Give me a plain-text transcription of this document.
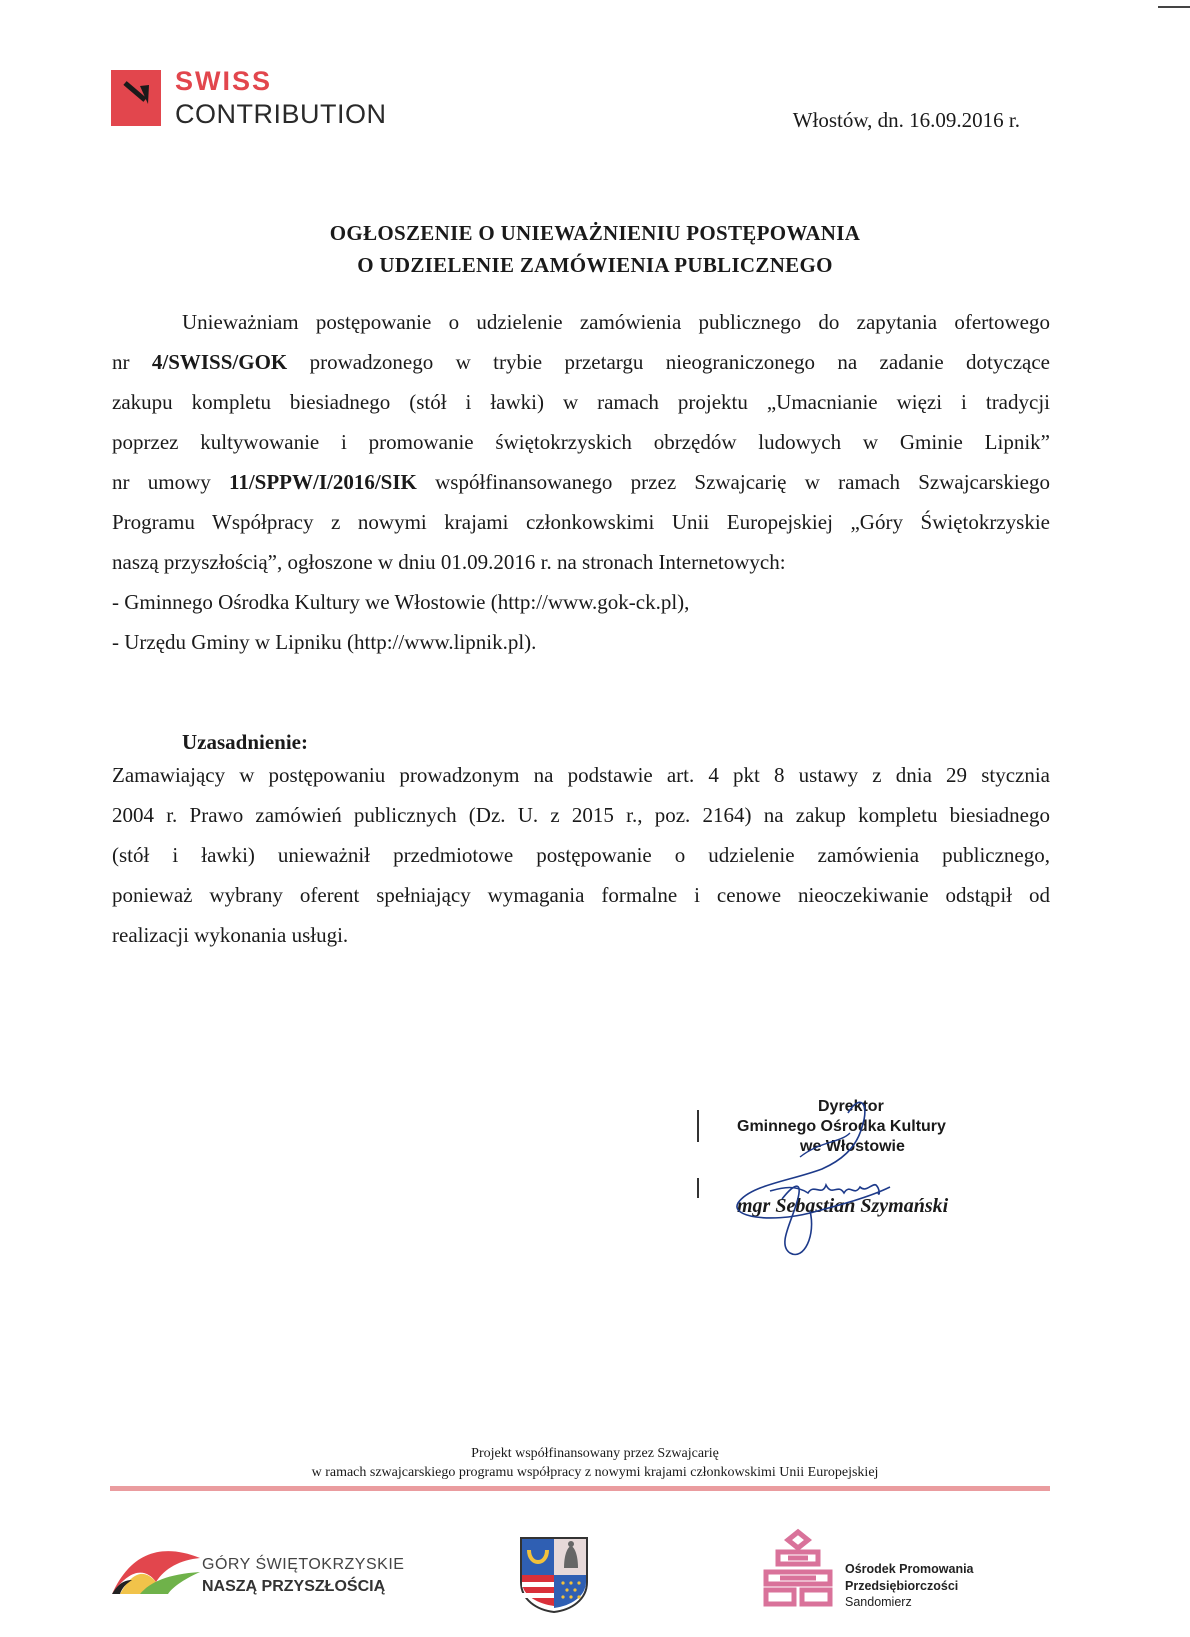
SWISS
CONTRIBUTION	Włostów, dn. 16.09.2016 r.
OGŁOSZENIE O UNIEWAŻNIENIU POSTĘPOWANIA
O UDZIELENIE ZAMÓWIENIA PUBLICZNEGO
Unieważniam postępowanie o udzielenie zamówienia publicznego do zapytania ofertowego
nr 4/SWISS/GOK prowadzonego w trybie przetargu nieograniczonego na zadanie dotyczące
zakupu kompletu biesiadnego (stół i ławki) w ramach projektu „Umacnianie więzi i tradycji
poprzez kultywowanie i promowanie świętokrzyskich obrzędów ludowych w Gminie Lipnik”
nr umowy 11/SPPW/I/2016/SIK współfinansowanego przez Szwajcarię w ramach Szwajcarskiego
Programu Współpracy z nowymi krajami członkowskimi Unii Europejskiej „Góry Świętokrzyskie
naszą przyszłością”, ogłoszone w dniu 01.09.2016 r. na stronach Internetowych:
- Gminnego Ośrodka Kultury we Włostowie (http://www.gok-ck.pl),
- Urzędu Gminy w Lipniku (http://www.lipnik.pl).
Uzasadnienie:
Zamawiający w postępowaniu prowadzonym na podstawie art. 4 pkt 8 ustawy z dnia 29 stycznia
2004 r. Prawo zamówień publicznych (Dz. U. z 2015 r., poz. 2164) na zakup kompletu biesiadnego
(stół i ławki) unieważnił przedmiotowe postępowanie o udzielenie zamówienia publicznego,
ponieważ wybrany oferent spełniający wymagania formalne i cenowe nieoczekiwanie odstąpił od
realizacji wykonania usługi.
Dyrektor
Gminnego Ośrodka Kultury
we Włostowie
mgr Sebastian Szymański
Projekt współfinansowany przez Szwajcarię
w ramach szwajcarskiego programu współpracy z nowymi krajami członkowskimi Unii Europejskiej
GÓRY ŚWIĘTOKRZYSKIE
NASZĄ PRZYSZŁOŚCIĄ
Ośrodek Promowania
Przedsiębiorczości
Sandomierz
